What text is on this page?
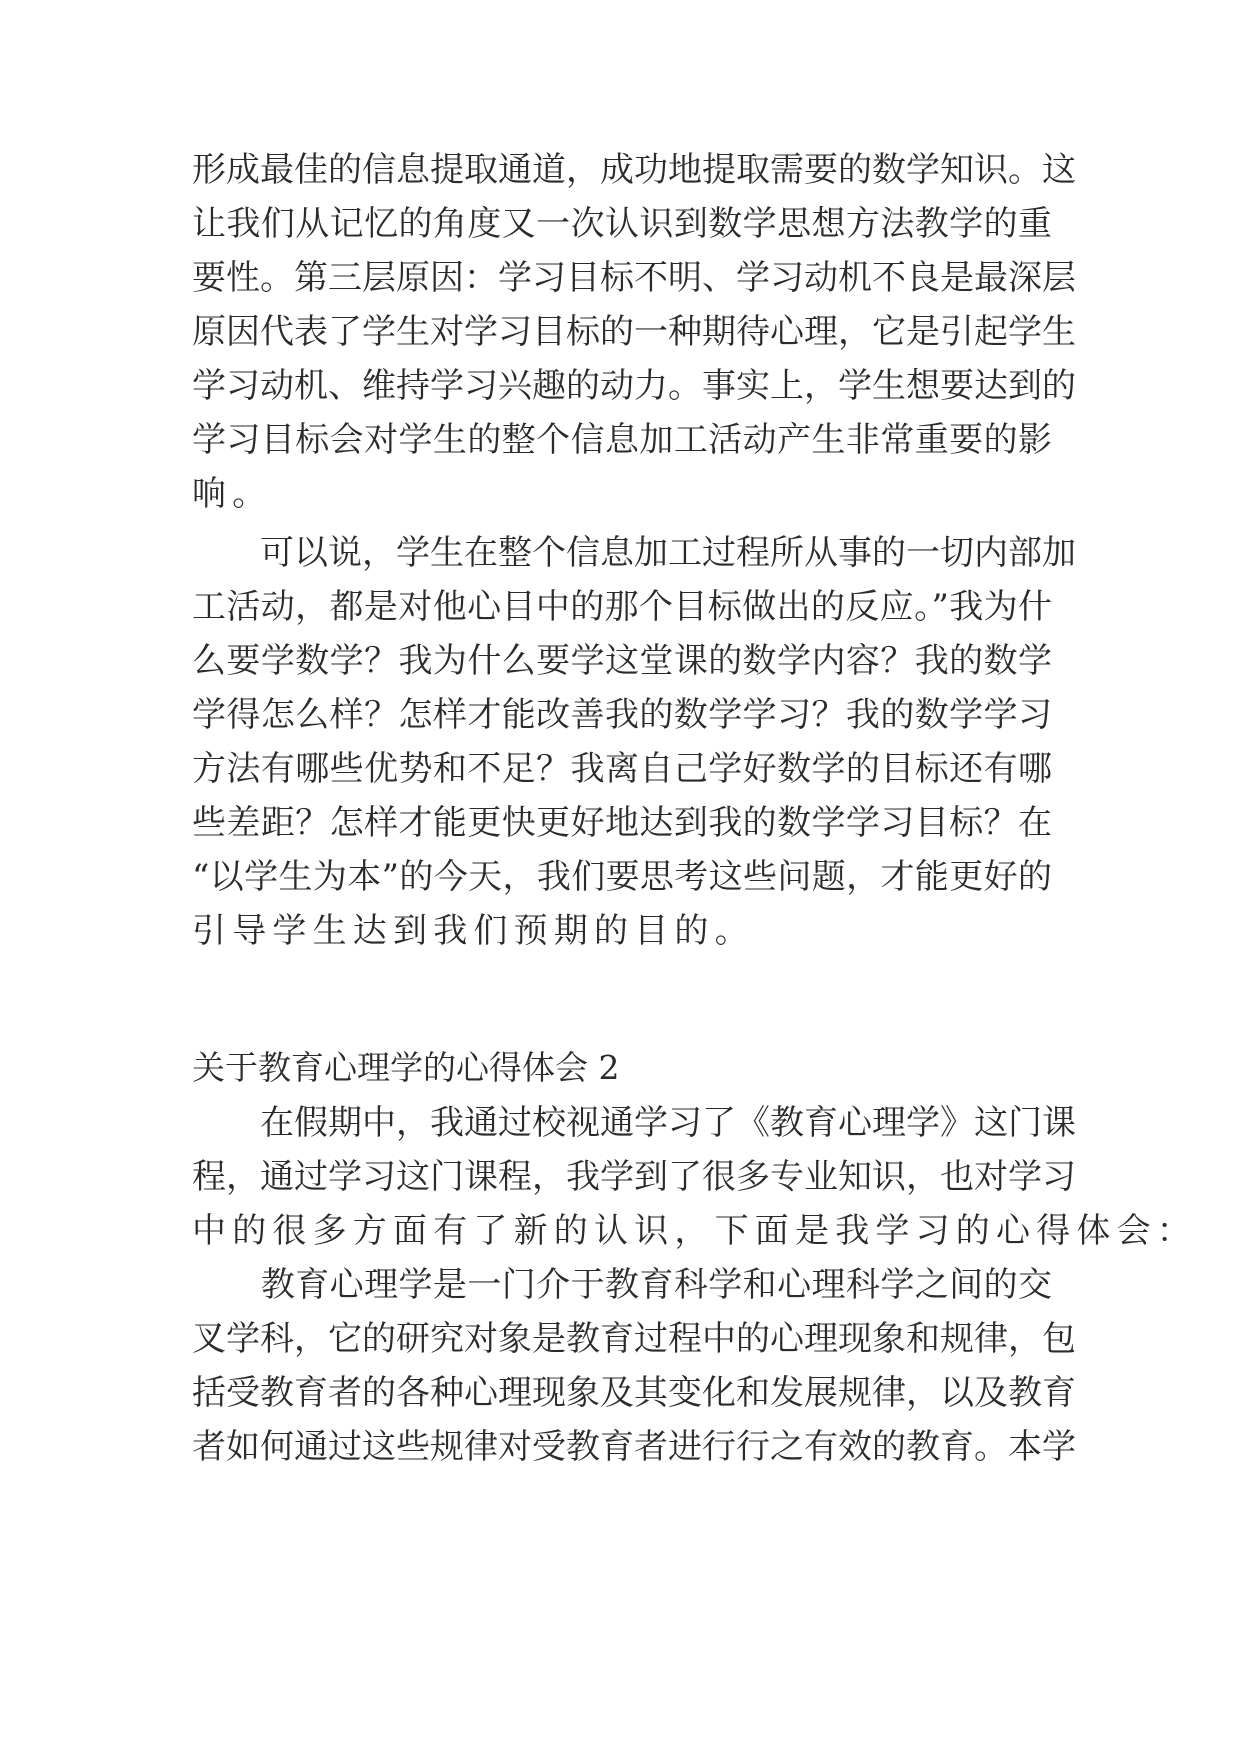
形成最佳的信息提取通道，成功地提取需要的数学知识。这
让我们从记忆的角度又一次认识到数学思想方法教学的重
要性。第三层原因：学习目标不明、学习动机不良是最深层
原因代表了学生对学习目标的一种期待心理，它是引起学生
学习动机、维持学习兴趣的动力。事实上，学生想要达到的
学习目标会对学生的整个信息加工活动产生非常重要的影
响。
　　可以说，学生在整个信息加工过程所从事的一切内部加
工活动，都是对他心目中的那个目标做出的反应。”我为什
么要学数学？我为什么要学这堂课的数学内容？我的数学
学得怎么样？怎样才能改善我的数学学习？我的数学学习
方法有哪些优势和不足？我离自己学好数学的目标还有哪
些差距？怎样才能更快更好地达到我的数学学习目标？在
“以学生为本”的今天，我们要思考这些问题，才能更好的
引导学生达到我们预期的目的。
关于教育心理学的心得体会 2
　　在假期中，我通过校视通学习了《教育心理学》这门课
程，通过学习这门课程，我学到了很多专业知识，也对学习
中的很多方面有了新的认识，下面是我学习的心得体会：
　　教育心理学是一门介于教育科学和心理科学之间的交
叉学科，它的研究对象是教育过程中的心理现象和规律，包
括受教育者的各种心理现象及其变化和发展规律，以及教育
者如何通过这些规律对受教育者进行行之有效的教育。本学
